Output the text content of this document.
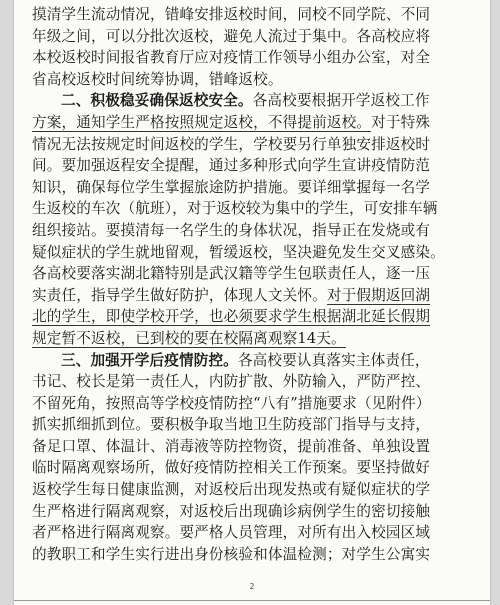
摸清学生流动情况，错峰安排返校时间，同校不同学院、不同
年级之间，可以分批次返校，避免人流过于集中。各高校应将
本校返校时间报省教育厅应对疫情工作领导小组办公室，对全
省高校返校时间统筹协调，错峰返校。
二、积极稳妥确保返校安全。各高校要根据开学返校工作
方案，通知学生严格按照规定返校，不得提前返校。对于特殊
情况无法按规定时间返校的学生，学校要另行单独安排返校时
间。要加强返程安全提醒，通过多种形式向学生宣讲疫情防范
知识，确保每位学生掌握旅途防护措施。要详细掌握每一名学
生返校的车次（航班），对于返校较为集中的学生，可安排车辆
组织接站。要摸清每一名学生的身体状况，指导正在发烧或有
疑似症状的学生就地留观，暂缓返校，坚决避免发生交叉感染。
各高校要落实湖北籍特别是武汉籍等学生包联责任人，逐一压
实责任，指导学生做好防护，体现人文关怀。对于假期返回湖
北的学生，即使学校开学，也必须要求学生根据湖北延长假期
规定暂不返校，已到校的要在校隔离观察14天。
三、加强开学后疫情防控。各高校要认真落实主体责任，
书记、校长是第一责任人，内防扩散、外防输入，严防严控、
不留死角，按照高等学校疫情防控“八有”措施要求（见附件）
抓实抓细抓到位。要积极争取当地卫生防疫部门指导与支持，
备足口罩、体温计、消毒液等防控物资，提前准备、单独设置
临时隔离观察场所，做好疫情防控相关工作预案。要坚持做好
返校学生每日健康监测，对返校后出现发热或有疑似症状的学
生严格进行隔离观察，对返校后出现确诊病例学生的密切接触
者严格进行隔离观察。要严格人员管理，对所有出入校园区域
的教职工和学生实行进出身份核验和体温检测；对学生公寓实
2
